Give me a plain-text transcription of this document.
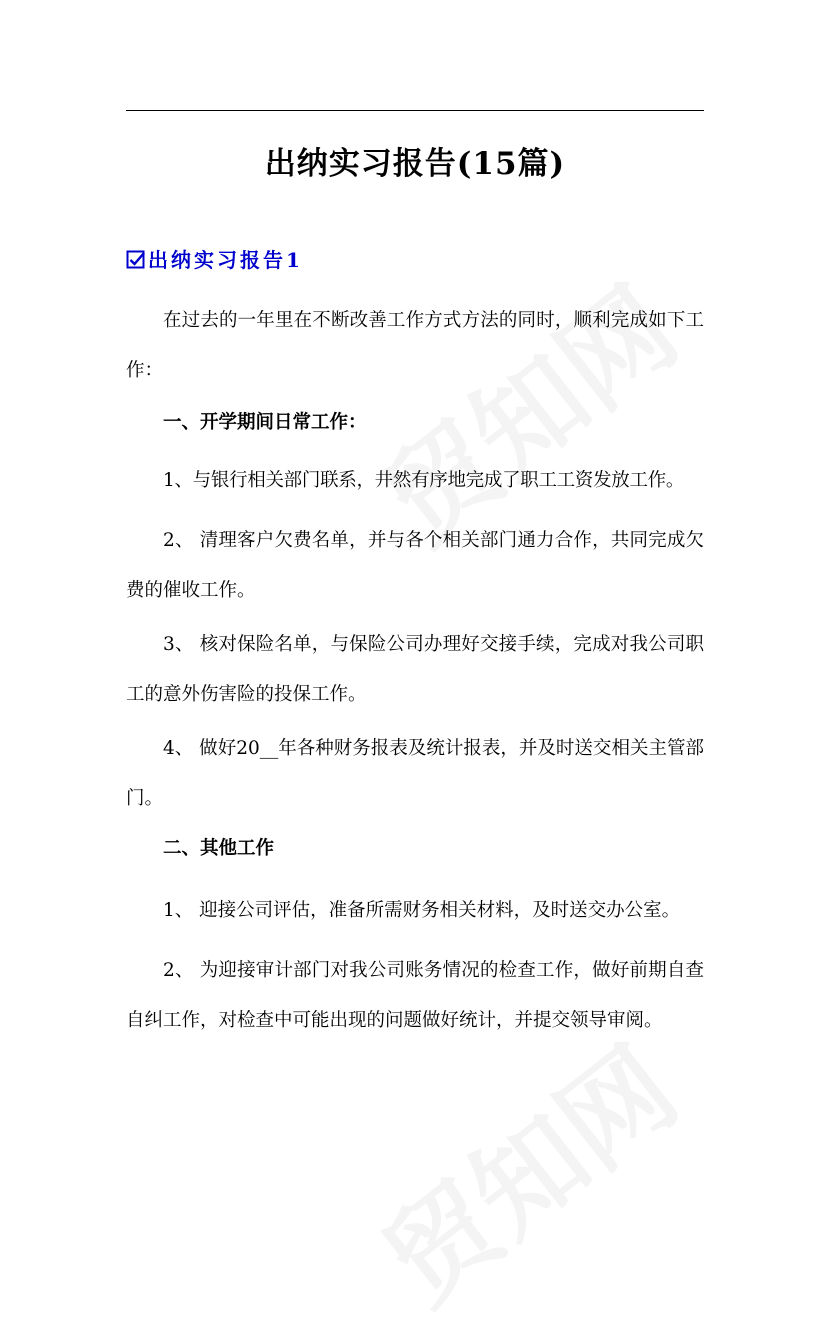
出纳实习报告(15篇)
出纳实习报告1

在过去的一年里在不断改善工作方式方法的同时，顺利完成如下工作：

一、开学期间日常工作：

1、与银行相关部门联系，井然有序地完成了职工工资发放工作。

2、 清理客户欠费名单，并与各个相关部门通力合作，共同完成欠费的催收工作。

3、 核对保险名单，与保险公司办理好交接手续，完成对我公司职工的意外伤害险的投保工作。

4、 做好20__年各种财务报表及统计报表，并及时送交相关主管部门。

二、其他工作

1、 迎接公司评估，准备所需财务相关材料，及时送交办公室。

2、 为迎接审计部门对我公司账务情况的检查工作，做好前期自查自纠工作，对检查中可能出现的问题做好统计，并提交领导审阅。
